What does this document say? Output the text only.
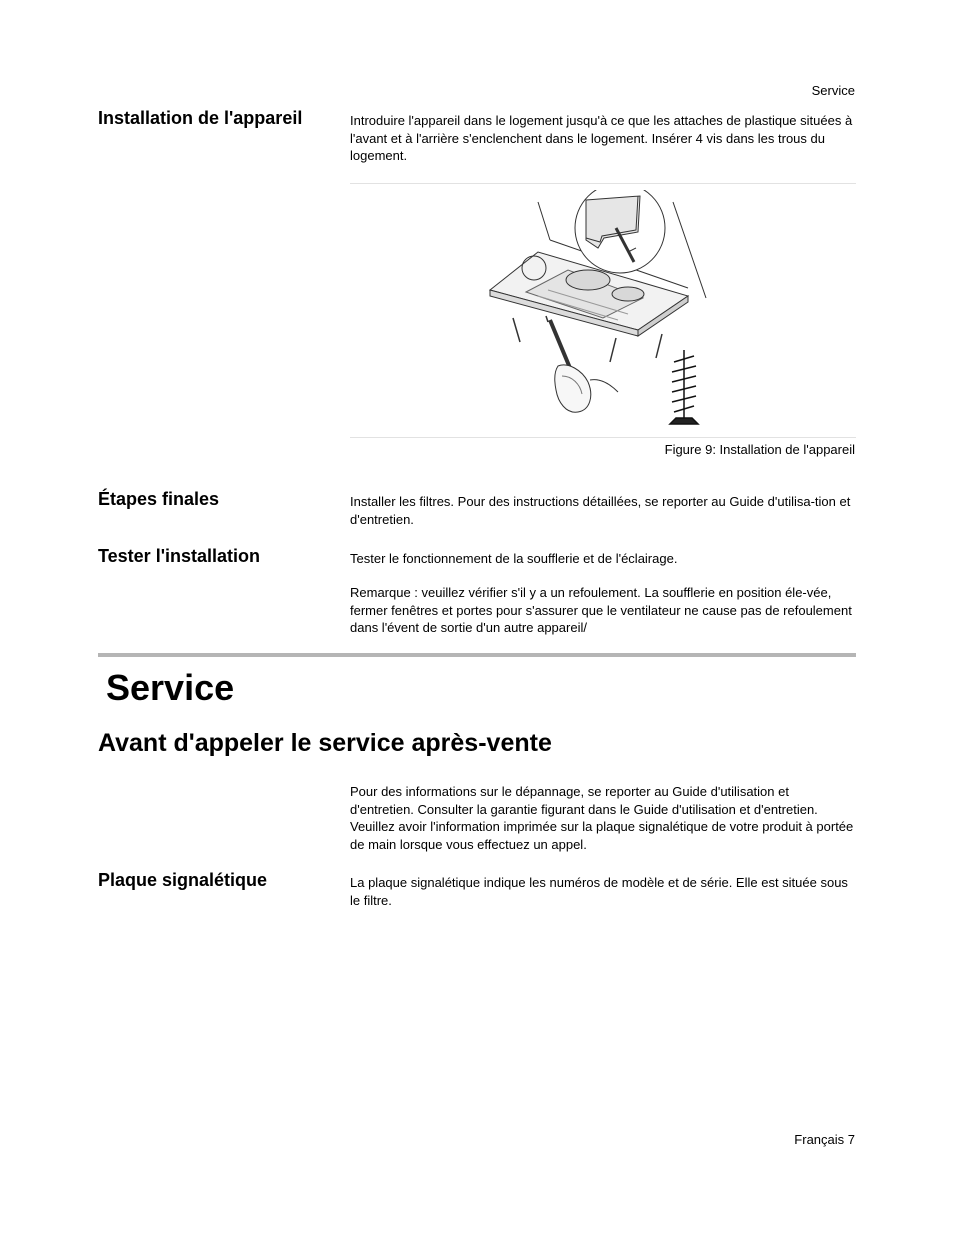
Service
Installation de l'appareil	Introduire l'appareil dans le logement jusqu'à ce que les attaches de plastique situées à l'avant et à l'arrière s'enclenchent dans le logement. Insérer 4 vis dans les trous du logement.
Figure 9: Installation de l'appareil
Étapes finales	Installer les filtres. Pour des instructions détaillées, se reporter au Guide d'utilisa-tion et d'entretien.
Tester l'installation	Tester le fonctionnement de la soufflerie et de l'éclairage.
Remarque : veuillez vérifier s'il y a un refoulement. La soufflerie en position éle-vée, fermer fenêtres et portes pour s'assurer que le ventilateur ne cause pas de refoulement dans l'évent de sortie d'un autre appareil/
Service
Avant d'appeler le service après-vente
Pour des informations sur le dépannage, se reporter au Guide d'utilisation et d'entretien. Consulter la garantie figurant dans le Guide d'utilisation et d'entretien. Veuillez avoir l'information imprimée sur la plaque signalétique de votre produit à portée de main lorsque vous effectuez un appel.
Plaque signalétique	La plaque signalétique indique les numéros de modèle et de série. Elle est située sous le filtre.
Français 7
